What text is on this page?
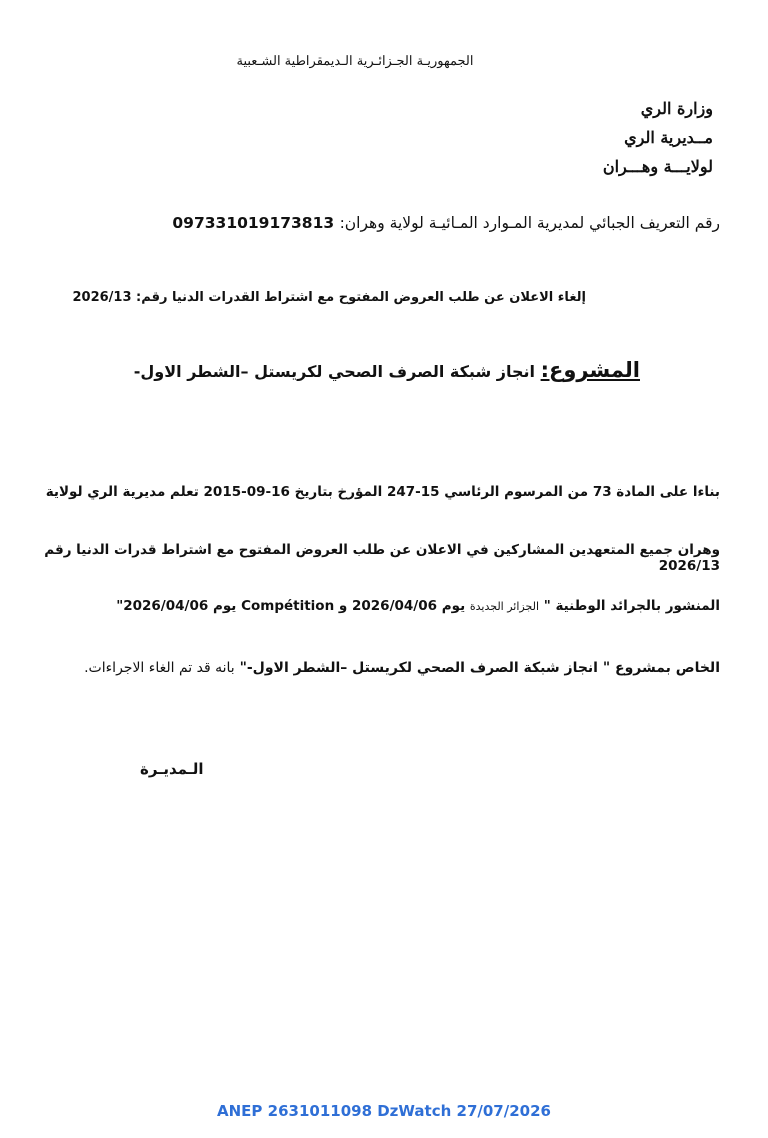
الجمهوريـة الجـزائـرية الـديمقراطية الشـعبية
وزارة الري
مــديرية الري
لولايـــة وهـــران
رقم التعريف الجبائي لمديرية المـوارد المـائيـة لولاية وهران: 097331019173813
إلغاء الاعلان عن طلب العروض المفتوح مع اشتراط القدرات الدنيا رقم: 2026/13
المشروع: انجاز شبكة الصرف الصحي لكريستل –الشطر الاول-
بناءا على المادة 73 من المرسوم الرئاسي 15-247 المؤرخ بتاريخ 16-09-2015 تعلم مديرية الري لولاية
وهران جميع المتعهدين المشاركين في الاعلان عن طلب العروض المفتوح مع اشتراط قدرات الدنيا رقم 2026/13
المنشور بالجرائد الوطنية " الجزائر الجديدة يوم 2026/04/06 و Compétition يوم 2026/04/06"
الخاص بمشروع " انجاز شبكة الصرف الصحي لكريستل –الشطر الاول-" بانه قد تم الغاء الاجراءات.
الـمديـرة
ANEP 2631011098 DzWatch 27/07/2026
